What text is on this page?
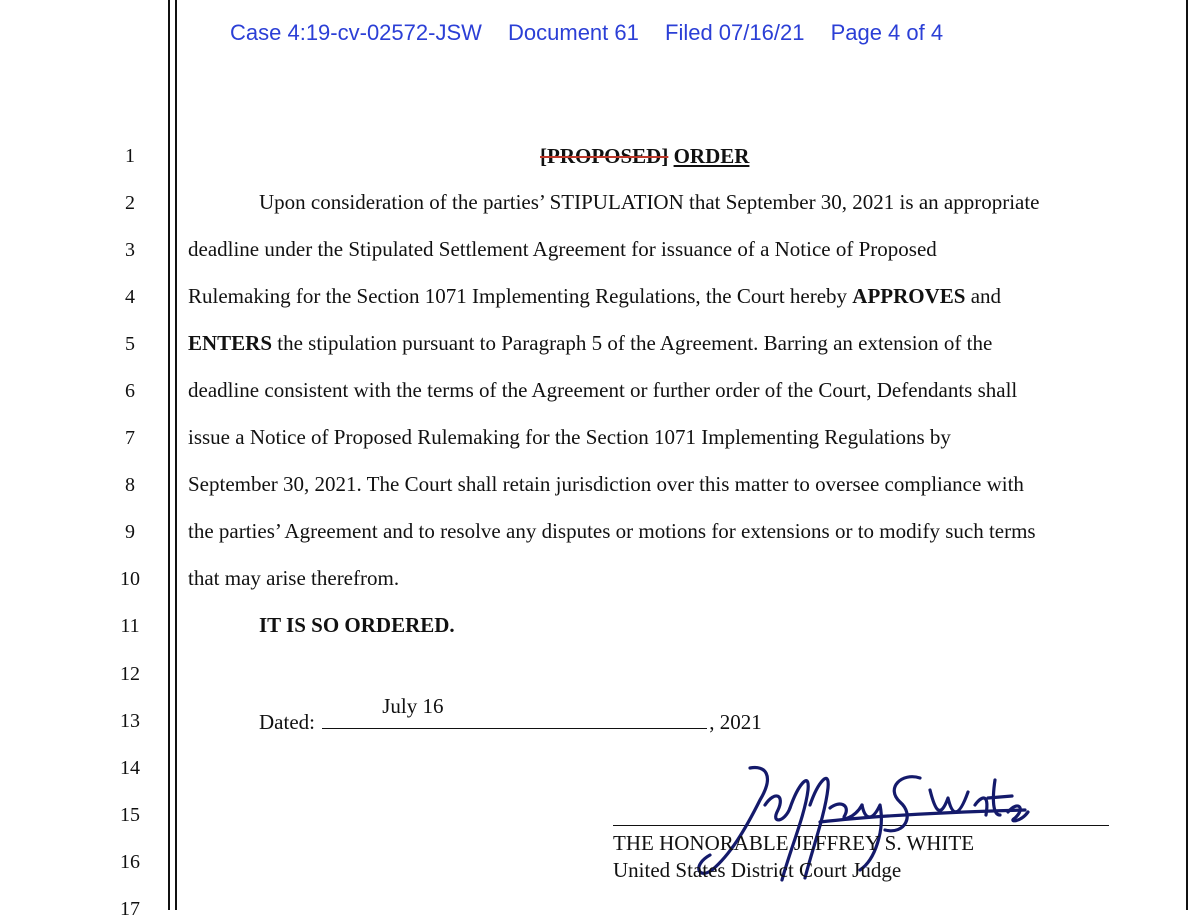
Case 4:19-cv-02572-JSW Document 61 Filed 07/16/21 Page 4 of 4
1
2
3
4
5
6
7
8
9
10
11
12
13
14
15
16
17
[PROPOSED] ORDER
Upon consideration of the parties’ STIPULATION that September 30, 2021 is an appropriate
deadline under the Stipulated Settlement Agreement for issuance of a Notice of Proposed
Rulemaking for the Section 1071 Implementing Regulations, the Court hereby APPROVES and
ENTERS the stipulation pursuant to Paragraph 5 of the Agreement. Barring an extension of the
deadline consistent with the terms of the Agreement or further order of the Court, Defendants shall
issue a Notice of Proposed Rulemaking for the Section 1071 Implementing Regulations by
September 30, 2021. The Court shall retain jurisdiction over this matter to oversee compliance with
the parties’ Agreement and to resolve any disputes or motions for extensions or to modify such terms
that may arise therefrom.
IT IS SO ORDERED.
Dated:
July 16
, 2021
THE HONORABLE JEFFREY S. WHITE
United States District Court Judge
